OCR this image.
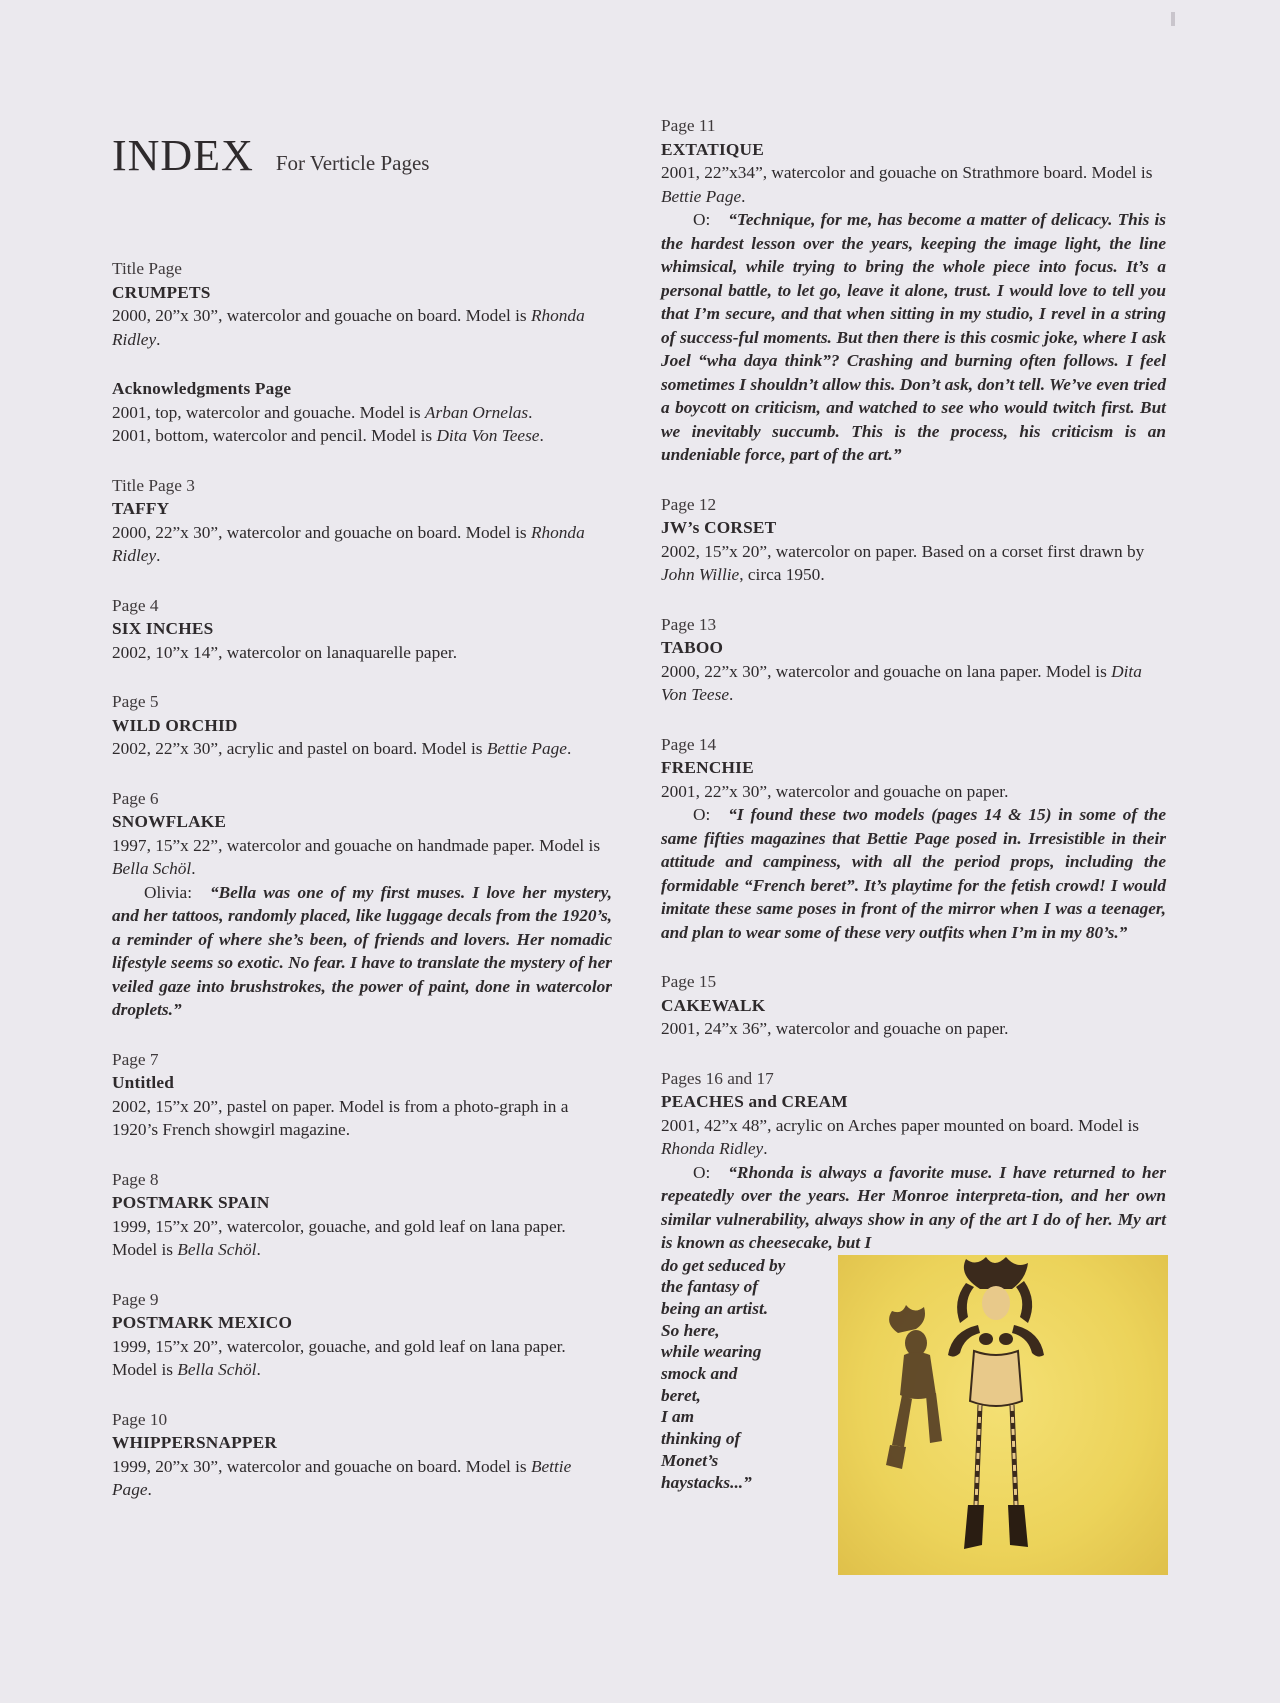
INDEX For Verticle Pages
Title Page
CRUMPETS
2000, 20”x 30”, watercolor and gouache on board. Model is Rhonda Ridley.
Acknowledgments Page
2001, top, watercolor and gouache. Model is Arban Ornelas.
2001, bottom, watercolor and pencil. Model is Dita Von Teese.
Title Page 3
TAFFY
2000, 22”x 30”, watercolor and gouache on board. Model is Rhonda Ridley.
Page 4
SIX INCHES
2002, 10”x 14”, watercolor on lanaquarelle paper.
Page 5
WILD ORCHID
2002, 22”x 30”, acrylic and pastel on board. Model is Bettie Page.
Page 6
SNOWFLAKE
1997, 15”x 22”, watercolor and gouache on handmade paper. Model is Bella Schöl.
Olivia: “Bella was one of my first muses. I love her mystery, and her tattoos, randomly placed, like luggage decals from the 1920’s, a reminder of where she’s been, of friends and lovers. Her nomadic lifestyle seems so exotic. No fear. I have to translate the mystery of her veiled gaze into brushstrokes, the power of paint, done in watercolor droplets.”
Page 7
Untitled
2002, 15”x 20”, pastel on paper. Model is from a photo-graph in a 1920’s French showgirl magazine.
Page 8
POSTMARK SPAIN
1999, 15”x 20”, watercolor, gouache, and gold leaf on lana paper. Model is Bella Schöl.
Page 9
POSTMARK MEXICO
1999, 15”x 20”, watercolor, gouache, and gold leaf on lana paper. Model is Bella Schöl.
Page 10
WHIPPERSNAPPER
1999, 20”x 30”, watercolor and gouache on board. Model is Bettie Page.
Page 11
EXTATIQUE
2001, 22”x34”, watercolor and gouache on Strathmore board. Model is Bettie Page.
O: “Technique, for me, has become a matter of delicacy. This is the hardest lesson over the years, keeping the image light, the line whimsical, while trying to bring the whole piece into focus. It’s a personal battle, to let go, leave it alone, trust. I would love to tell you that I’m secure, and that when sitting in my studio, I revel in a string of success-ful moments. But then there is this cosmic joke, where I ask Joel “wha daya think”? Crashing and burning often follows. I feel sometimes I shouldn’t allow this. Don’t ask, don’t tell. We’ve even tried a boycott on criticism, and watched to see who would twitch first. But we inevitably succumb. This is the process, his criticism is an undeniable force, part of the art.”
Page 12
JW’s CORSET
2002, 15”x 20”, watercolor on paper. Based on a corset first drawn by John Willie, circa 1950.
Page 13
TABOO
2000, 22”x 30”, watercolor and gouache on lana paper. Model is Dita Von Teese.
Page 14
FRENCHIE
2001, 22”x 30”, watercolor and gouache on paper.
O: “I found these two models (pages 14 & 15) in some of the same fifties magazines that Bettie Page posed in. Irresistible in their attitude and campiness, with all the period props, including the formidable “French beret”. It’s playtime for the fetish crowd! I would imitate these same poses in front of the mirror when I was a teenager, and plan to wear some of these very outfits when I’m in my 80’s.”
Page 15
CAKEWALK
2001, 24”x 36”, watercolor and gouache on paper.
Pages 16 and 17
PEACHES and CREAM
2001, 42”x 48”, acrylic on Arches paper mounted on board. Model is Rhonda Ridley.
O: “Rhonda is always a favorite muse. I have returned to her repeatedly over the years. Her Monroe interpreta-tion, and her own similar vulnerability, always show in any of the art I do of her. My art is known as cheesecake, but I
do get seduced by
the fantasy of
being an artist.
So here,
while wearing
smock and
beret,
I am
thinking of
Monet’s
haystacks...”
